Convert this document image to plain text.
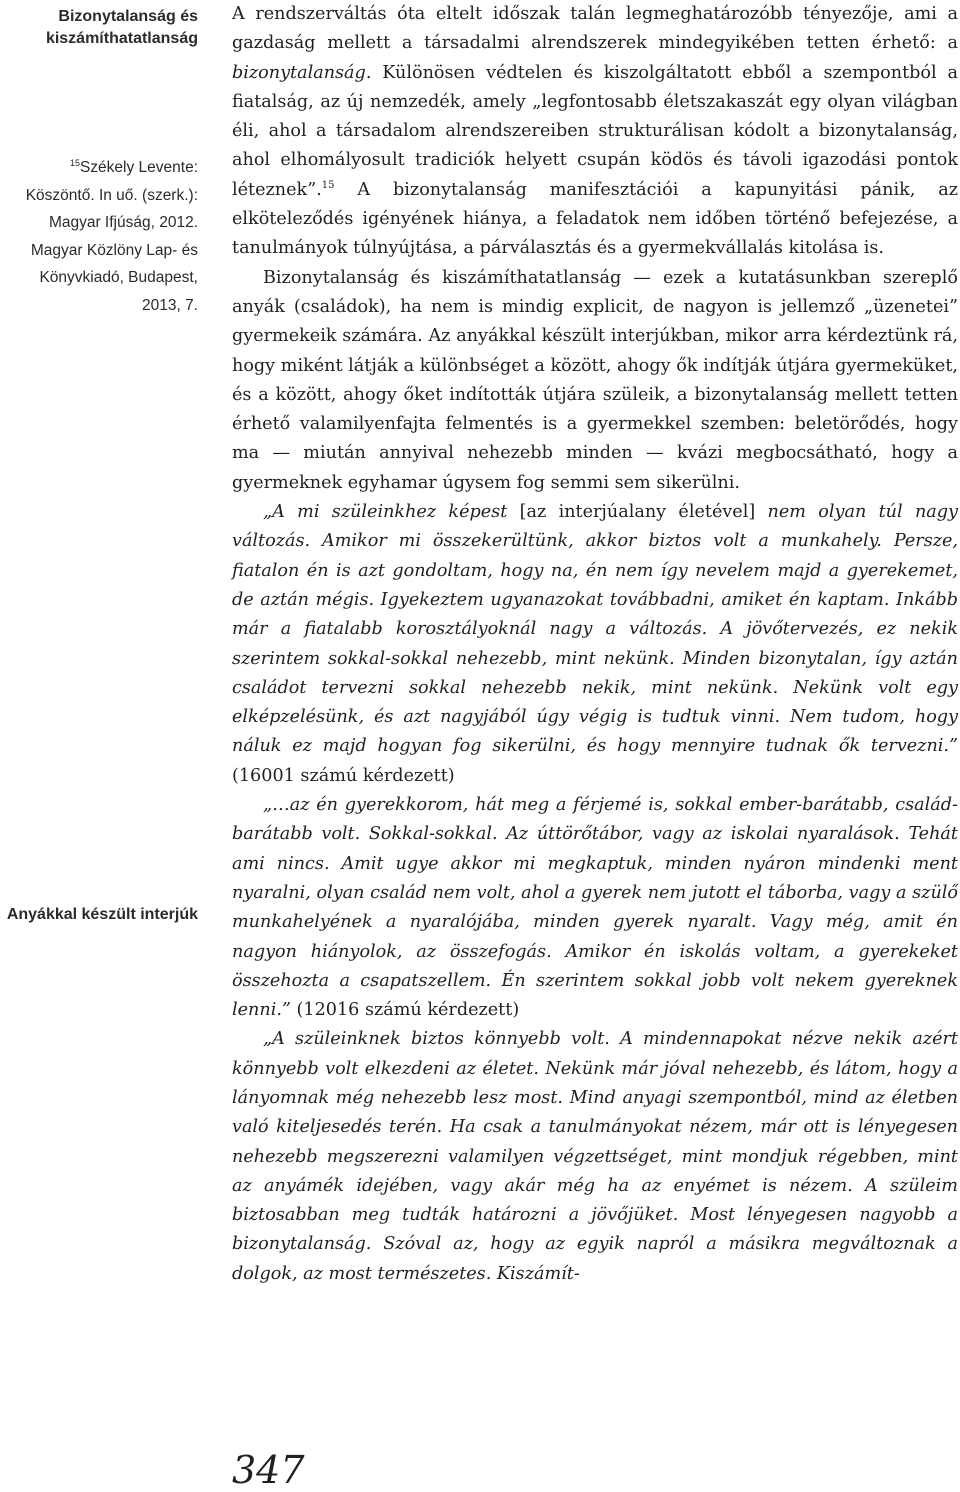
Bizonytalanság és kiszámíthatatlanság
$^{15}$Székely Levente: Köszöntő. In uő. (szerk.): Magyar Ifjúság, 2012. Magyar Közlöny Lap- és Könyvkiadó, Budapest, 2013, 7.
Anyákkal készült interjúk

A rendszerváltás óta eltelt időszak talán legmeghatározóbb tényezője, ami a gazdaság mellett a társadalmi alrendszerek mindegyikében tetten érhető: a bizonytalanság. Különösen védtelen és kiszolgáltatott ebből a szempontból a fiatalság, az új nemzedék, amely „legfontosabb életszakaszát egy olyan világban éli, ahol a társadalom alrendszereiben strukturálisan kódolt a bizonytalanság, ahol elhomályosult tradiciók helyett csupán ködös és távoli igazodási pontok léteznek”.$^{15}$ A bizonytalanság manifesztációi a kapunyitási pánik, az elköteleződés igényének hiánya, a feladatok nem időben történő befejezése, a tanulmányok túlnyújtása, a párválasztás és a gyermekvállalás kitolása is.

Bizonytalanság és kiszámíthatatlanság — ezek a kutatásunkban szereplő anyák (családok), ha nem is mindig explicit, de nagyon is jellemző „üzenetei” gyermekeik számára. Az anyákkal készült interjúkban, mikor arra kérdeztünk rá, hogy miként látják a különbséget a között, ahogy ők indítják útjára gyermeküket, és a között, ahogy őket indították útjára szüleik, a bizonytalanság mellett tetten érhető valamilyenfajta felmentés is a gyermekkel szemben: beletörődés, hogy ma — miután annyival nehezebb minden — kvázi megbocsátható, hogy a gyermeknek egyhamar úgysem fog semmi sem sikerülni.

„A mi szüleinkhez képest [az interjúalany életével] nem olyan túl nagy változás. Amikor mi összekerültünk, akkor biztos volt a munkahely. Persze, fiatalon én is azt gondoltam, hogy na, én nem így nevelem majd a gyerekemet, de aztán mégis. Igyekeztem ugyanazokat továbbadni, amiket én kaptam. Inkább már a fiatalabb korosztályoknál nagy a változás. A jövőtervezés, ez nekik szerintem sokkal-sokkal nehezebb, mint nekünk. Minden bizonytalan, így aztán családot tervezni sokkal nehezebb nekik, mint nekünk. Nekünk volt egy elképzelésünk, és azt nagyjából úgy végig is tudtuk vinni. Nem tudom, hogy náluk ez majd hogyan fog sikerülni, és hogy mennyire tudnak ők tervezni.” (16001 számú kérdezett)

„…az én gyerekkorom, hát meg a férjemé is, sokkal ember-barátabb, család-barátabb volt. Sokkal-sokkal. Az úttörőtábor, vagy az iskolai nyaralások. Tehát ami nincs. Amit ugye akkor mi megkaptuk, minden nyáron mindenki ment nyaralni, olyan család nem volt, ahol a gyerek nem jutott el táborba, vagy a szülő munkahelyének a nyaralójába, minden gyerek nyaralt. Vagy még, amit én nagyon hiányolok, az összefogás. Amikor én iskolás voltam, a gyerekeket összehozta a csapatszellem. Én szerintem sokkal jobb volt nekem gyereknek lenni.” (12016 számú kérdezett)

„A szüleinknek biztos könnyebb volt. A mindennapokat nézve nekik azért könnyebb volt elkezdeni az életet. Nekünk már jóval nehezebb, és látom, hogy a lányomnak még nehezebb lesz most. Mind anyagi szempontból, mind az életben való kiteljesedés terén. Ha csak a tanulmányokat nézem, már ott is lényegesen nehezebb megszerezni valamilyen végzettséget, mint mondjuk régebben, mint az anyámék idejében, vagy akár még ha az enyémet is nézem. A szüleim biztosabban meg tudták határozni a jövőjüket. Most lényegesen nagyobb a bizonytalanság. Szóval az, hogy az egyik napról a másikra megváltoznak a dolgok, az most természetes. Kiszámít-

347
